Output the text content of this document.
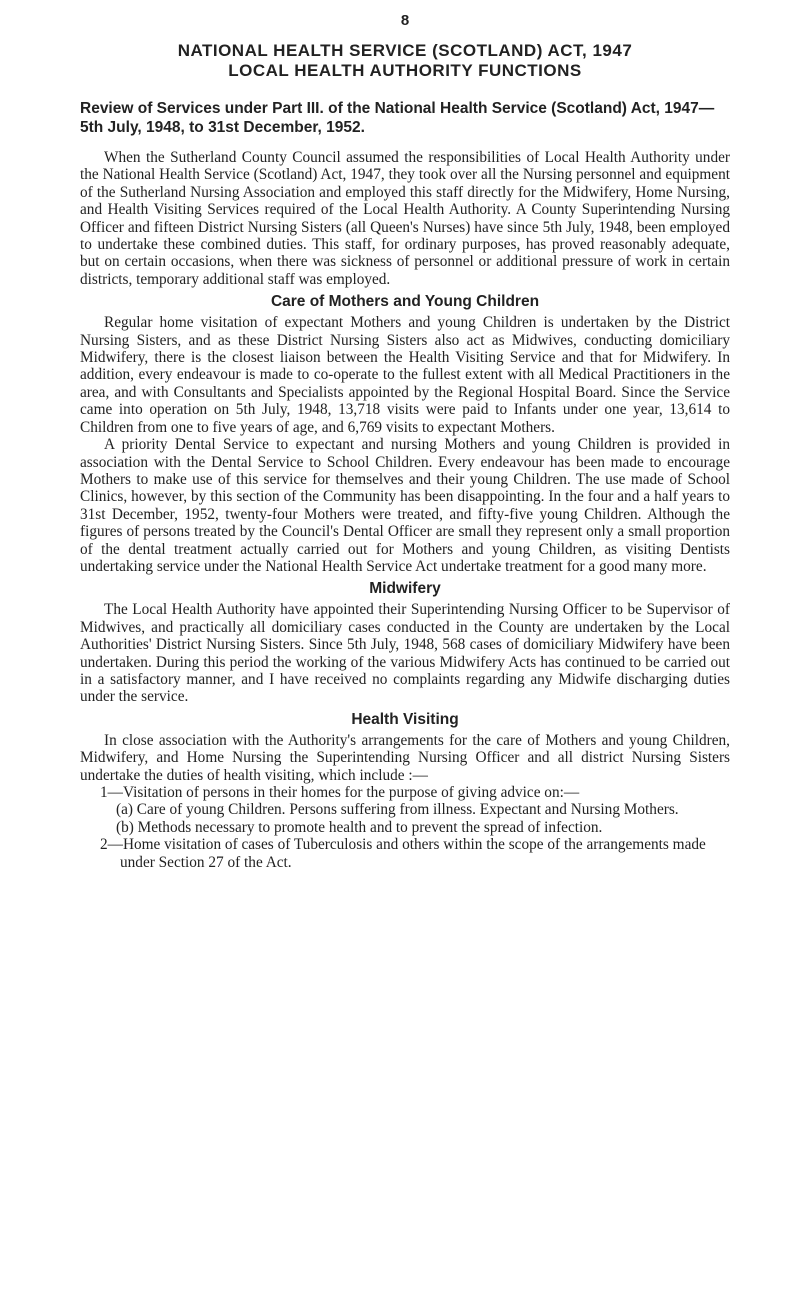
8
NATIONAL HEALTH SERVICE (SCOTLAND) ACT, 1947
LOCAL HEALTH AUTHORITY FUNCTIONS
Review of Services under Part III. of the National Health Service (Scotland) Act, 1947—5th July, 1948, to 31st December, 1952.

When the Sutherland County Council assumed the responsibilities of Local Health Authority under the National Health Service (Scotland) Act, 1947, they took over all the Nursing personnel and equipment of the Sutherland Nursing Association and employed this staff directly for the Midwifery, Home Nursing, and Health Visiting Services required of the Local Health Authority. A County Superintending Nursing Officer and fifteen District Nursing Sisters (all Queen's Nurses) have since 5th July, 1948, been employed to undertake these combined duties. This staff, for ordinary purposes, has proved reasonably adequate, but on certain occasions, when there was sickness of personnel or additional pressure of work in certain districts, temporary additional staff was employed.

Care of Mothers and Young Children

Regular home visitation of expectant Mothers and young Children is undertaken by the District Nursing Sisters, and as these District Nursing Sisters also act as Midwives, conducting domiciliary Midwifery, there is the closest liaison between the Health Visiting Service and that for Midwifery. In addition, every endeavour is made to co-operate to the fullest extent with all Medical Practitioners in the area, and with Consultants and Specialists appointed by the Regional Hospital Board. Since the Service came into operation on 5th July, 1948, 13,718 visits were paid to Infants under one year, 13,614 to Children from one to five years of age, and 6,769 visits to expectant Mothers.

A priority Dental Service to expectant and nursing Mothers and young Children is provided in association with the Dental Service to School Children. Every endeavour has been made to encourage Mothers to make use of this service for themselves and their young Children. The use made of School Clinics, however, by this section of the Community has been disappointing. In the four and a half years to 31st December, 1952, twenty-four Mothers were treated, and fifty-five young Children. Although the figures of persons treated by the Council's Dental Officer are small they represent only a small proportion of the dental treatment actually carried out for Mothers and young Children, as visiting Dentists undertaking service under the National Health Service Act undertake treatment for a good many more.

Midwifery

The Local Health Authority have appointed their Superintending Nursing Officer to be Supervisor of Midwives, and practically all domiciliary cases conducted in the County are undertaken by the Local Authorities' District Nursing Sisters. Since 5th July, 1948, 568 cases of domiciliary Midwifery have been undertaken. During this period the working of the various Midwifery Acts has continued to be carried out in a satisfactory manner, and I have received no complaints regarding any Midwife discharging duties under the service.

Health Visiting

In close association with the Authority's arrangements for the care of Mothers and young Children, Midwifery, and Home Nursing the Superintending Nursing Officer and all district Nursing Sisters undertake the duties of health visiting, which include :—

1—Visitation of persons in their homes for the purpose of giving advice on:—
(a) Care of young Children. Persons suffering from illness. Expectant and Nursing Mothers.
(b) Methods necessary to promote health and to prevent the spread of infection.
2—Home visitation of cases of Tuberculosis and others within the scope of the arrangements made under Section 27 of the Act.
